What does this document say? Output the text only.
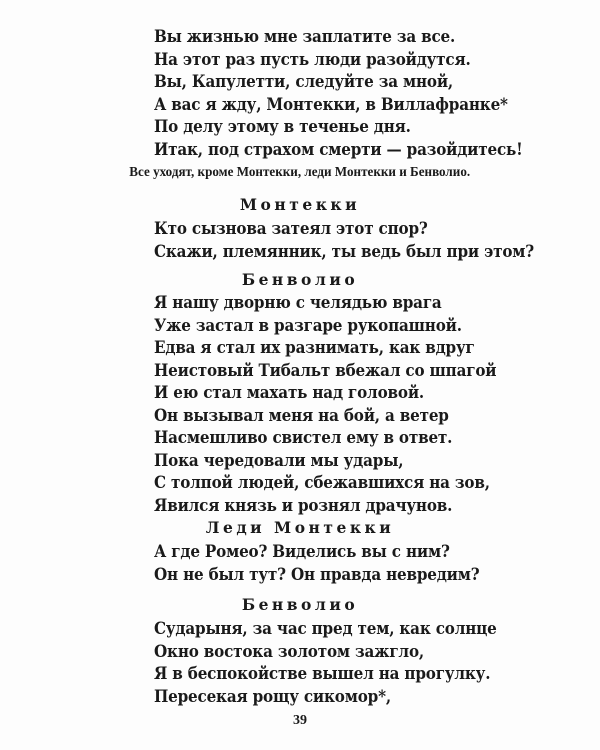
Вы жизнью мне заплатите за все.
На этот раз пусть люди разойдутся.
Вы, Капулетти, следуйте за мной,
А вас я жду, Монтекки, в Виллафранке*
По делу этому в теченье дня.
Итак, под страхом смерти — разойдитесь!
Все уходят, кроме Монтекки, леди Монтекки и Бенволио.
Монтекки
Кто сызнова затеял этот спор?
Скажи, племянник, ты ведь был при этом?
Бенволио
Я нашу дворню с челядью врага
Уже застал в разгаре рукопашной.
Едва я стал их разнимать, как вдруг
Неистовый Тибальт вбежал со шпагой
И ею стал махать над головой.
Он вызывал меня на бой, а ветер
Насмешливо свистел ему в ответ.
Пока чередовали мы удары,
С толпой людей, сбежавшихся на зов,
Явился князь и рознял драчунов.
Леди Монтекки
А где Ромео? Виделись вы с ним?
Он не был тут? Он правда невредим?
Бенволио
Сударыня, за час пред тем, как солнце
Окно востока золотом зажгло,
Я в беспокойстве вышел на прогулку.
Пересекая рощу сикомор*,
39
